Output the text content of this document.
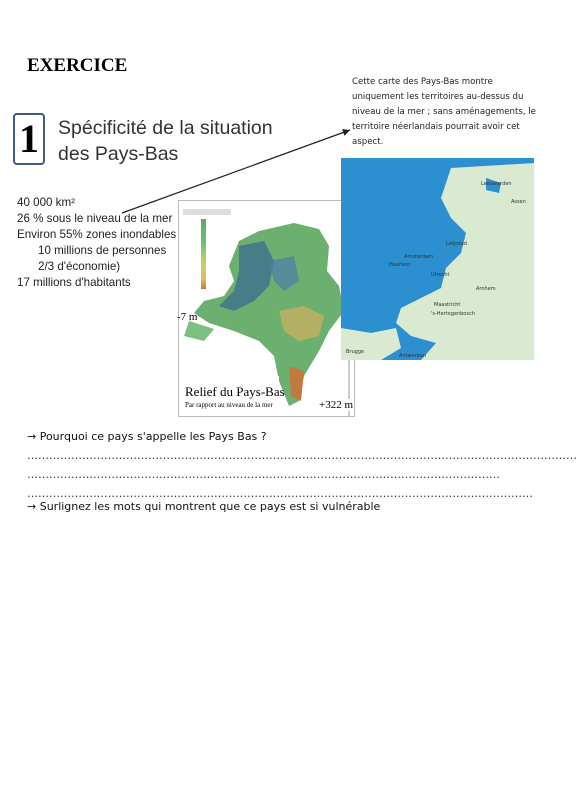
EXERCICE
Cette carte des Pays-Bas montre uniquement les territoires au-dessus du niveau de la mer ; sans aménagements, le territoire néerlandais pourrait avoir cet aspect.
1 Spécificité de la situation
des Pays-Bas
40 000 km²
26 % sous le niveau de la mer
Environ 55% zones inondables
10 millions de personnes
2/3 d'économie)
17 millions d'habitants
-7 m
+322 m
Relief du Pays-Bas
Par rapport au niveau de la mer
Leeuwarden
Assen
Lelystad
Amsterdam
Haarlem
Utrecht
Arnhem
Maastricht
's-Hertogenbosch
Brugge
Antwerpen
→ Pourquoi ce pays s'appelle les Pays Bas ?
……………………………………………………………………………………………………………………………………
…………………………………………………………………………………………………………………
…………………………………………………………………………………………………………………………
→ Surlignez les mots qui montrent que ce pays est si vulnérable
